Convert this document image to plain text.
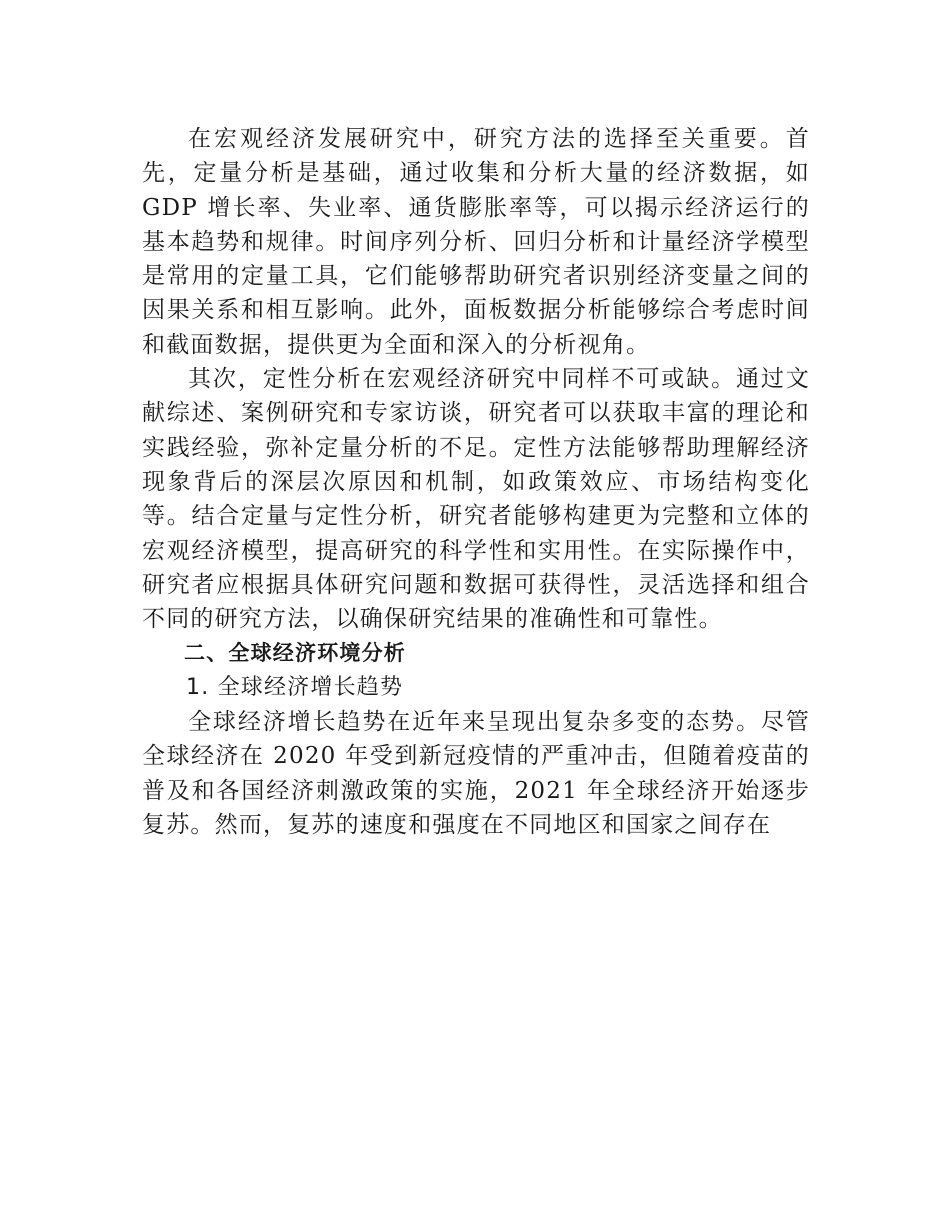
在宏观经济发展研究中，研究方法的选择至关重要。首先，定量分析是基础，通过收集和分析大量的经济数据，如 GDP 增长率、失业率、通货膨胀率等，可以揭示经济运行的基本趋势和规律。时间序列分析、回归分析和计量经济学模型是常用的定量工具，它们能够帮助研究者识别经济变量之间的因果关系和相互影响。此外，面板数据分析能够综合考虑时间和截面数据，提供更为全面和深入的分析视角。

其次，定性分析在宏观经济研究中同样不可或缺。通过文献综述、案例研究和专家访谈，研究者可以获取丰富的理论和实践经验，弥补定量分析的不足。定性方法能够帮助理解经济现象背后的深层次原因和机制，如政策效应、市场结构变化等。结合定量与定性分析，研究者能够构建更为完整和立体的宏观经济模型，提高研究的科学性和实用性。在实际操作中，研究者应根据具体研究问题和数据可获得性，灵活选择和组合不同的研究方法，以确保研究结果的准确性和可靠性。

二、全球经济环境分析

1. 全球经济增长趋势

全球经济增长趋势在近年来呈现出复杂多变的态势。尽管全球经济在 2020 年受到新冠疫情的严重冲击，但随着疫苗的普及和各国经济刺激政策的实施，2021 年全球经济开始逐步复苏。然而，复苏的速度和强度在不同地区和国家之间存在
